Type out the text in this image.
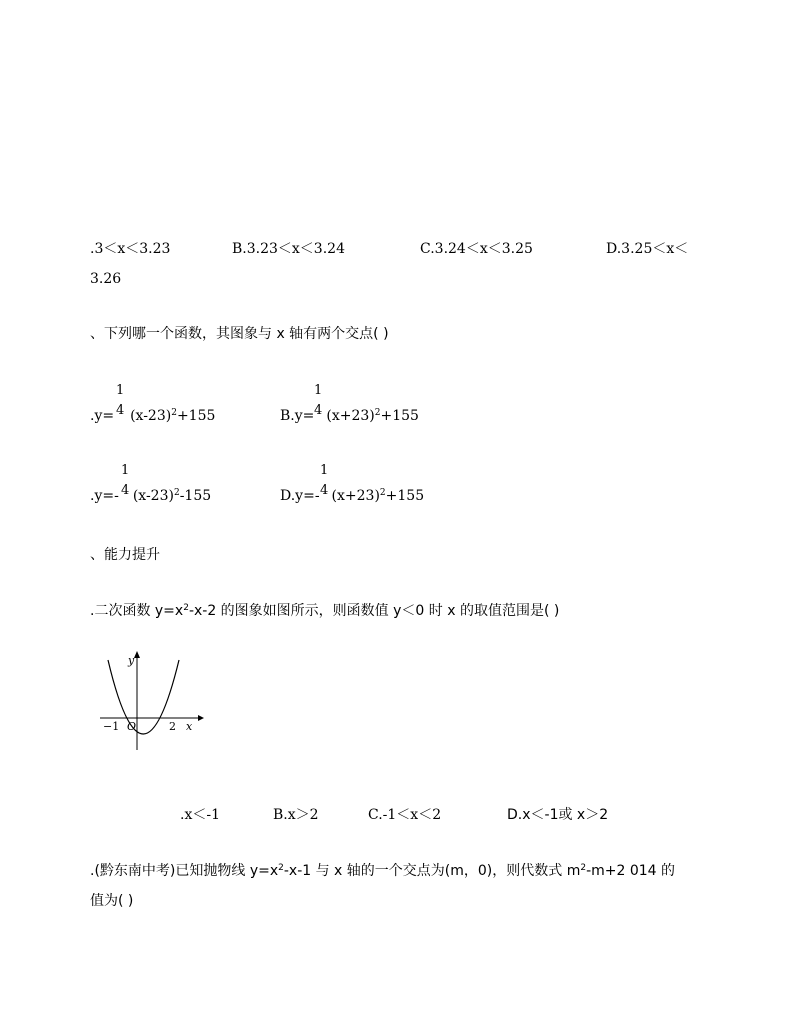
.3＜x＜3.23	B.3.23＜x＜3.24	C.3.24＜x＜3.25	D.3.25＜x＜
3.26
、下列哪一个函数，其图象与 x 轴有两个交点( )
1
4
$.y= (x-23)^2+155$
1
4
$B.y= (x+23)^2+155$
1
4
.y=- $(x-23)^2-155$
1
4
D.y=- $(x+23)^2+155$
、能力提升
.二次函数 $y=x^2-x-2$ 的图象如图所示，则函数值 y＜0 时 x 的取值范围是( )
y
x
O
−1	2
.x＜-1	B.x＞2	C.-1＜x＜2	D.x＜-1或 x＞2
.(黔东南中考)已知抛物线 $y=x^2-x-1$ 与 x 轴的一个交点为(m，0)，则代数式 $m^2-m+2$ 014 的
值为( )
